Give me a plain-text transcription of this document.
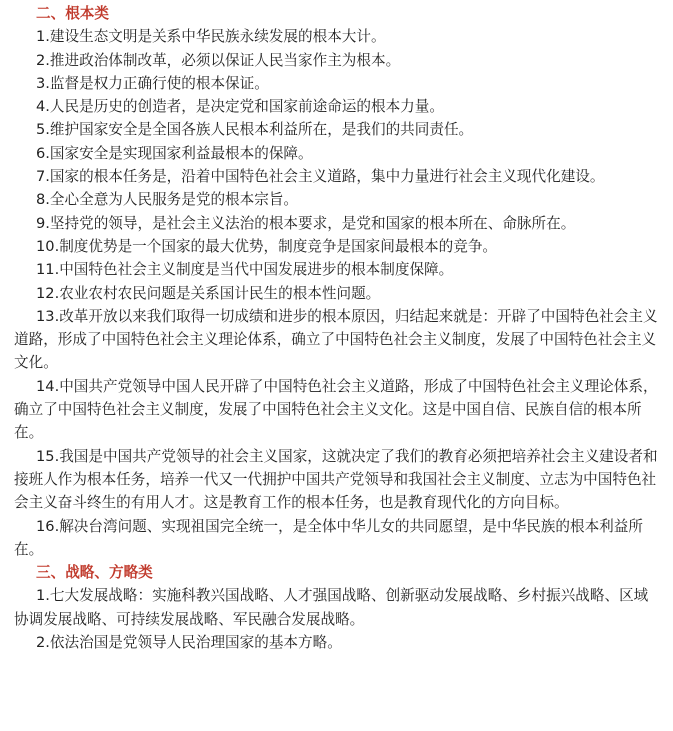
二、根本类

1.建设生态文明是关系中华民族永续发展的根本大计。

2.推进政治体制改革，必须以保证人民当家作主为根本。

3.监督是权力正确行使的根本保证。

4.人民是历史的创造者，是决定党和国家前途命运的根本力量。

5.维护国家安全是全国各族人民根本利益所在，是我们的共同责任。

6.国家安全是实现国家利益最根本的保障。

7.国家的根本任务是，沿着中国特色社会主义道路，集中力量进行社会主义现代化建设。

8.全心全意为人民服务是党的根本宗旨。

9.坚持党的领导，是社会主义法治的根本要求，是党和国家的根本所在、命脉所在。

10.制度优势是一个国家的最大优势，制度竞争是国家间最根本的竞争。

11.中国特色社会主义制度是当代中国发展进步的根本制度保障。

12.农业农村农民问题是关系国计民生的根本性问题。

13.改革开放以来我们取得一切成绩和进步的根本原因，归结起来就是：开辟了中国特色社会主义道路，形成了中国特色社会主义理论体系，确立了中国特色社会主义制度，发展了中国特色社会主义文化。

14.中国共产党领导中国人民开辟了中国特色社会主义道路，形成了中国特色社会主义理论体系，确立了中国特色社会主义制度，发展了中国特色社会主义文化。这是中国自信、民族自信的根本所在。

15.我国是中国共产党领导的社会主义国家，这就决定了我们的教育必须把培养社会主义建设者和接班人作为根本任务，培养一代又一代拥护中国共产党领导和我国社会主义制度、立志为中国特色社会主义奋斗终生的有用人才。这是教育工作的根本任务，也是教育现代化的方向目标。

16.解决台湾问题、实现祖国完全统一，是全体中华儿女的共同愿望，是中华民族的根本利益所在。

三、战略、方略类

1.七大发展战略：实施科教兴国战略、人才强国战略、创新驱动发展战略、乡村振兴战略、区域协调发展战略、可持续发展战略、军民融合发展战略。

2.依法治国是党领导人民治理国家的基本方略。
